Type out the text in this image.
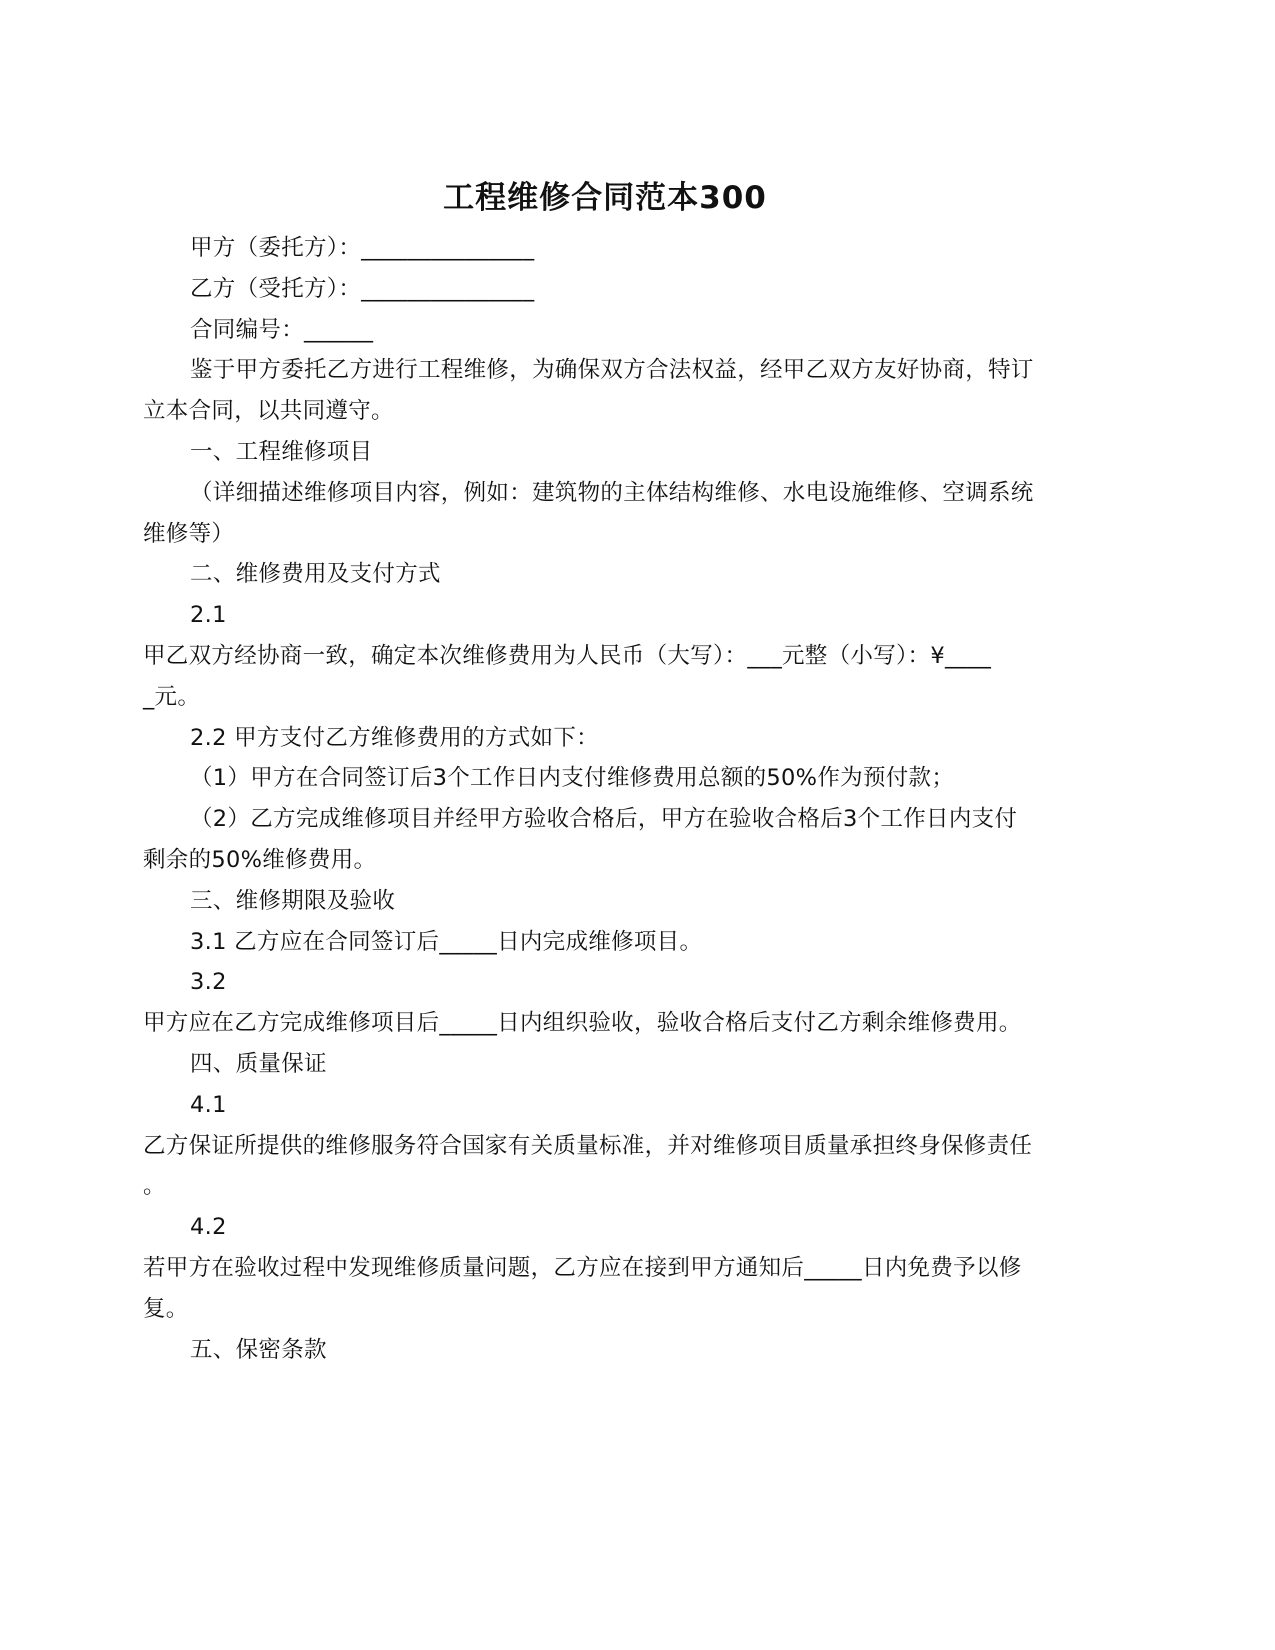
工程维修合同范本300
甲方（委托方）：_______________
乙方（受托方）：_______________
合同编号：______
鉴于甲方委托乙方进行工程维修，为确保双方合法权益，经甲乙双方友好协商，特订
立本合同，以共同遵守。
一、工程维修项目
（详细描述维修项目内容，例如：建筑物的主体结构维修、水电设施维修、空调系统
维修等）
二、维修费用及支付方式
2.1
甲乙双方经协商一致，确定本次维修费用为人民币（大写）：___元整（小写）：¥____
_元。
2.2 甲方支付乙方维修费用的方式如下：
（1）甲方在合同签订后3个工作日内支付维修费用总额的50%作为预付款；
（2）乙方完成维修项目并经甲方验收合格后，甲方在验收合格后3个工作日内支付
剩余的50%维修费用。
三、维修期限及验收
3.1 乙方应在合同签订后_____日内完成维修项目。
3.2
甲方应在乙方完成维修项目后_____日内组织验收，验收合格后支付乙方剩余维修费用。
四、质量保证
4.1
乙方保证所提供的维修服务符合国家有关质量标准，并对维修项目质量承担终身保修责任
。
4.2
若甲方在验收过程中发现维修质量问题，乙方应在接到甲方通知后_____日内免费予以修
复。
五、保密条款
